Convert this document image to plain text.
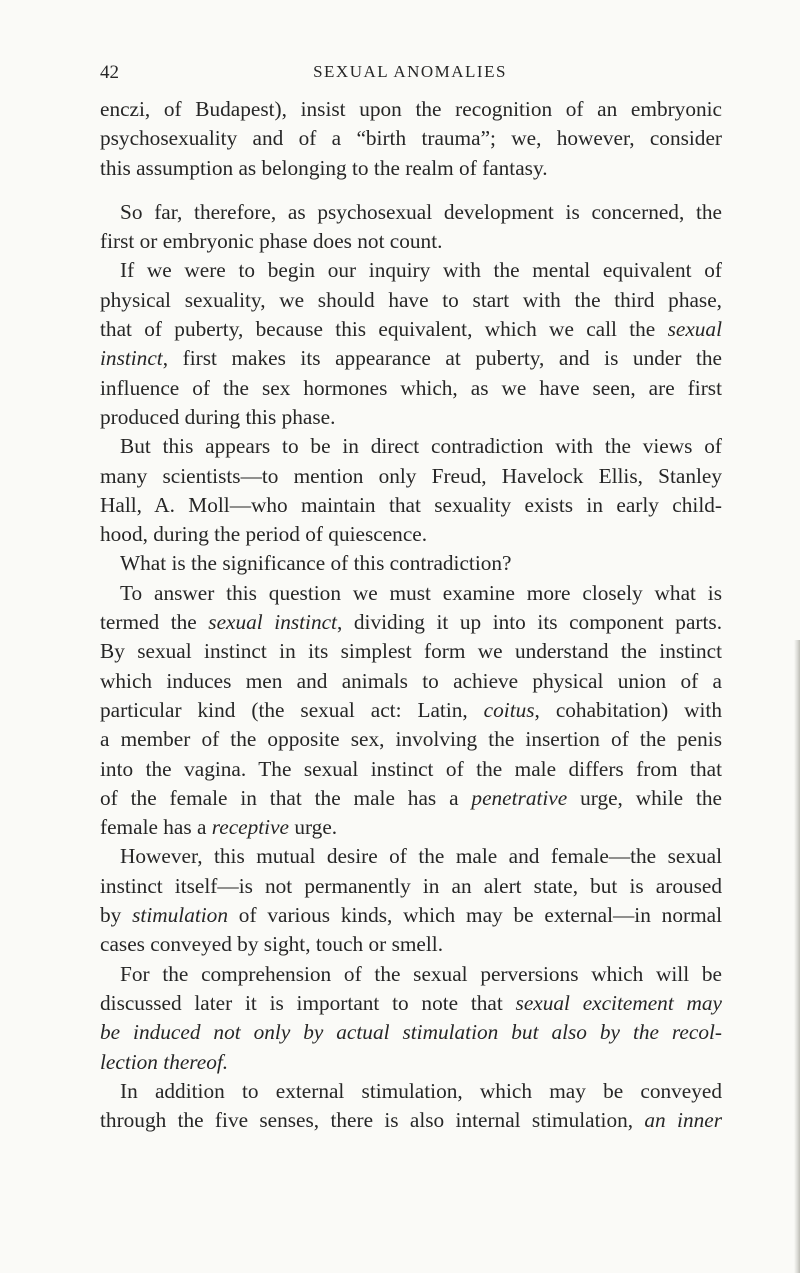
42	SEXUAL ANOMALIES
enczi, of Budapest), insist upon the recognition of an embryonic
psychosexuality and of a “birth trauma”; we, however, consider
this assumption as belonging to the realm of fantasy.
So far, therefore, as psychosexual development is concerned, the
first or embryonic phase does not count.
If we were to begin our inquiry with the mental equivalent of
physical sexuality, we should have to start with the third phase,
that of puberty, because this equivalent, which we call the sexual
instinct, first makes its appearance at puberty, and is under the
influence of the sex hormones which, as we have seen, are first
produced during this phase.
But this appears to be in direct contradiction with the views of
many scientists—to mention only Freud, Havelock Ellis, Stanley
Hall, A. Moll—who maintain that sexuality exists in early child-
hood, during the period of quiescence.
What is the significance of this contradiction?
To answer this question we must examine more closely what is
termed the sexual instinct, dividing it up into its component parts.
By sexual instinct in its simplest form we understand the instinct
which induces men and animals to achieve physical union of a
particular kind (the sexual act: Latin, coitus, cohabitation) with
a member of the opposite sex, involving the insertion of the penis
into the vagina. The sexual instinct of the male differs from that
of the female in that the male has a penetrative urge, while the
female has a receptive urge.
However, this mutual desire of the male and female—the sexual
instinct itself—is not permanently in an alert state, but is aroused
by stimulation of various kinds, which may be external—in normal
cases conveyed by sight, touch or smell.
For the comprehension of the sexual perversions which will be
discussed later it is important to note that sexual excitement may
be induced not only by actual stimulation but also by the recol-
lection thereof.
In addition to external stimulation, which may be conveyed
through the five senses, there is also internal stimulation, an inner
